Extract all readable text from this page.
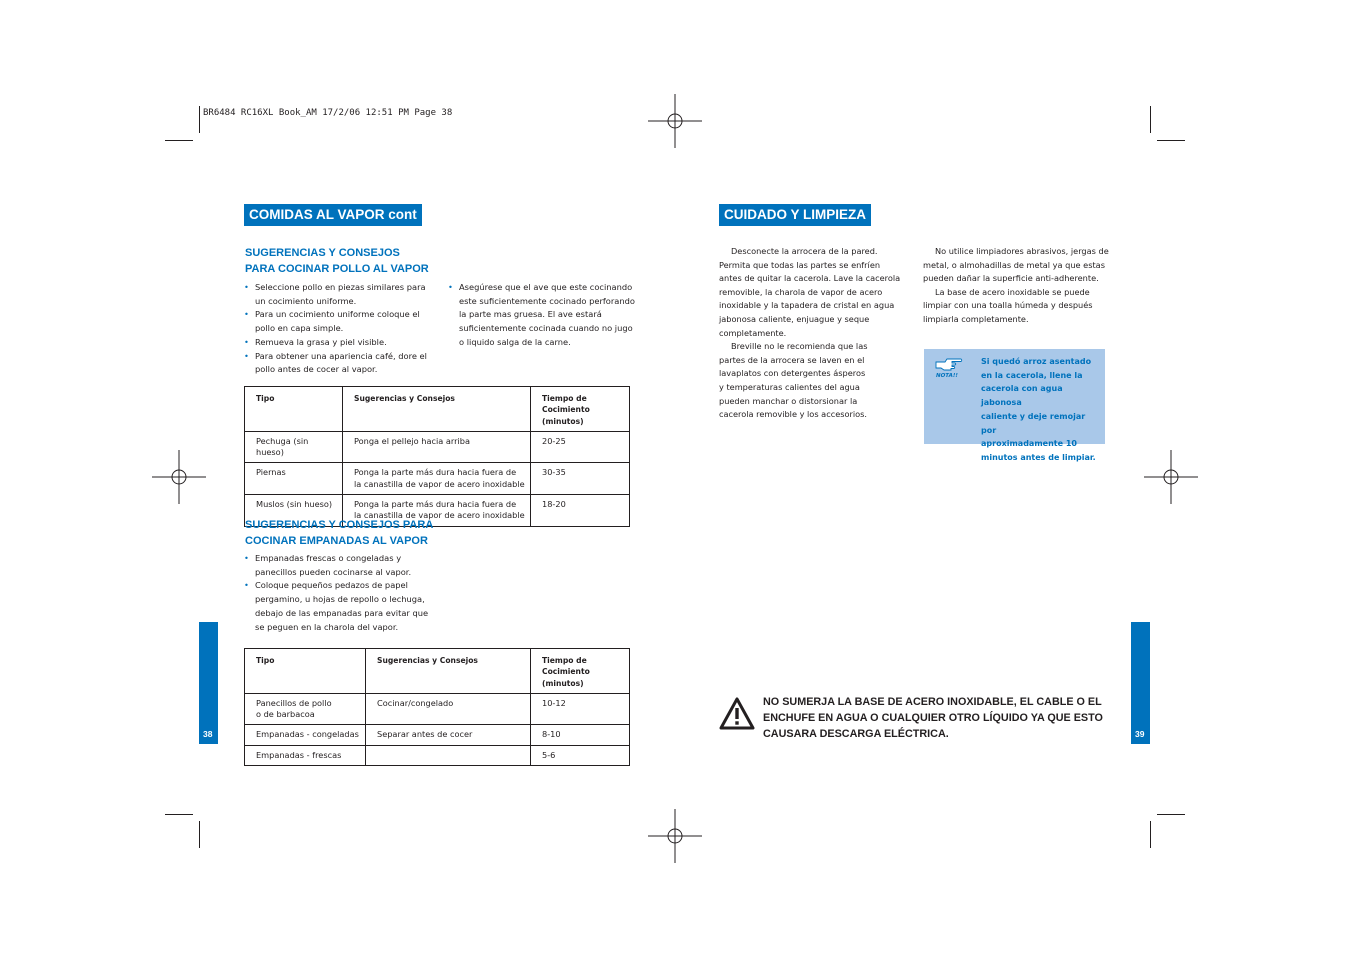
BR6484 RC16XL Book_AM 17/2/06 12:51 PM Page 38
COMIDAS AL VAPOR cont
SUGERENCIAS Y CONSEJOS
PARA COCINAR POLLO AL VAPOR
• Seleccione pollo en piezas similares para
un cocimiento uniforme.
• Para un cocimiento uniforme coloque el
pollo en capa simple.
• Remueva la grasa y piel visible.
• Para obtener una apariencia café, dore el
pollo antes de cocer al vapor.
• Asegúrese que el ave que este cocinando
este suficientemente cocinado perforando
la parte mas gruesa. El ave estará
suficientemente cocinada cuando no jugo
o liquido salga de la carne.
Tipo	Sugerencias y Consejos	Tiempo de
Cocimiento (minutos)

Pechuga (sin hueso)	Ponga el pellejo hacia arriba	20-25
Piernas	Ponga la parte más dura hacia fuera de
la canastilla de vapor de acero inoxidable	30-35
Muslos (sin hueso)	Ponga la parte más dura hacia fuera de
la canastilla de vapor de acero inoxidable	18-20
SUGERENCIAS Y CONSEJOS PARA
COCINAR EMPANADAS AL VAPOR
• Empanadas frescas o congeladas y
panecillos pueden cocinarse al vapor.
• Coloque pequeños pedazos de papel
pergamino, u hojas de repollo o lechuga,
debajo de las empanadas para evitar que
se peguen en la charola del vapor.
Tipo	Sugerencias y Consejos	Tiempo de
Cocimiento (minutos)

Panecillos de pollo
o de barbacoa	Cocinar/congelado	10-12

Empanadas - congeladas	Separar antes de cocer	8-10

Empanadas - frescas		5-6
38
CUIDADO Y LIMPIEZA

Desconecte la arrocera de la pared.
Permita que todas las partes se enfríen
antes de quitar la cacerola. Lave la cacerola
removible, la charola de vapor de acero
inoxidable y la tapadera de cristal en agua
jabonosa caliente, enjuague y seque
completamente.

Breville no le recomienda que las
partes de la arrocera se laven en el
lavaplatos con detergentes ásperos
y temperaturas calientes del agua
pueden manchar o distorsionar la
cacerola removible y los accesorios.

No utilice limpiadores abrasivos, jergas de
metal, o almohadillas de metal ya que estas
pueden dañar la superficie anti-adherente.

La base de acero inoxidable se puede
limpiar con una toalla húmeda y después
limpiarla completamente.

NOTA!!
Si quedó arroz asentado
en la cacerola, llene la
cacerola con agua jabonosa
caliente y deje remojar por
aproximadamente 10
minutos antes de limpiar.
NO SUMERJA LA BASE DE ACERO INOXIDABLE, EL CABLE O EL
ENCHUFE EN AGUA O CUALQUIER OTRO LÍQUIDO YA QUE ESTO
CAUSARA DESCARGA ELÉCTRICA.	39
